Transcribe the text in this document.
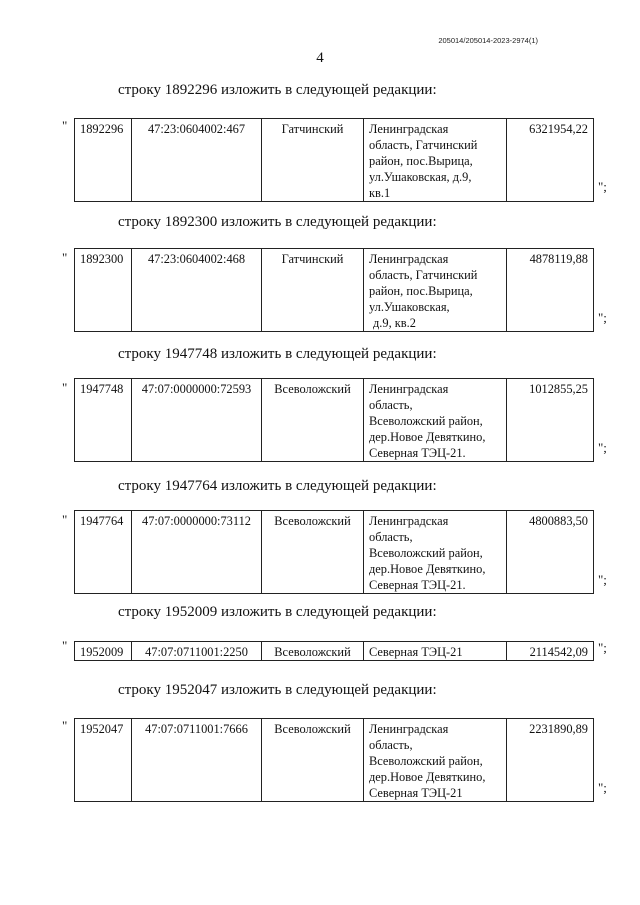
205014/205014-2023-2974(1)
4
строку 1892296 изложить в следующей редакции:
" 1892296	47:23:0604002:467	Гатчинский	Ленинградская
область, Гатчинский
район, пос.Вырица,
ул.Ушаковская, д.9,
кв.1
	6321954,22
";
строку 1892300 изложить в следующей редакции:
" 1892300	47:23:0604002:468	Гатчинский	Ленинградская
область, Гатчинский
район, пос.Вырица,
ул.Ушаковская,
д.9, кв.2
	4878119,88
";
строку 1947748 изложить в следующей редакции:
" 1947748	47:07:0000000:72593	Всеволожский	Ленинградская
область,
Всеволожский район,
дер.Новое Девяткино,
Северная ТЭЦ-21.
	1012855,25
";
строку 1947764 изложить в следующей редакции:
" 1947764	47:07:0000000:73112	Всеволожский	Ленинградская
область,
Всеволожский район,
дер.Новое Девяткино,
Северная ТЭЦ-21.
	4800883,50
";
строку 1952009 изложить в следующей редакции:
" 1952009	47:07:0711001:2250	Всеволожский	Северная ТЭЦ-21	2114542,09 ";
строку 1952047 изложить в следующей редакции:
" 1952047	47:07:0711001:7666	Всеволожский	Ленинградская
область,
Всеволожский район,
дер.Новое Девяткино,
Северная ТЭЦ-21
	2231890,89
";
